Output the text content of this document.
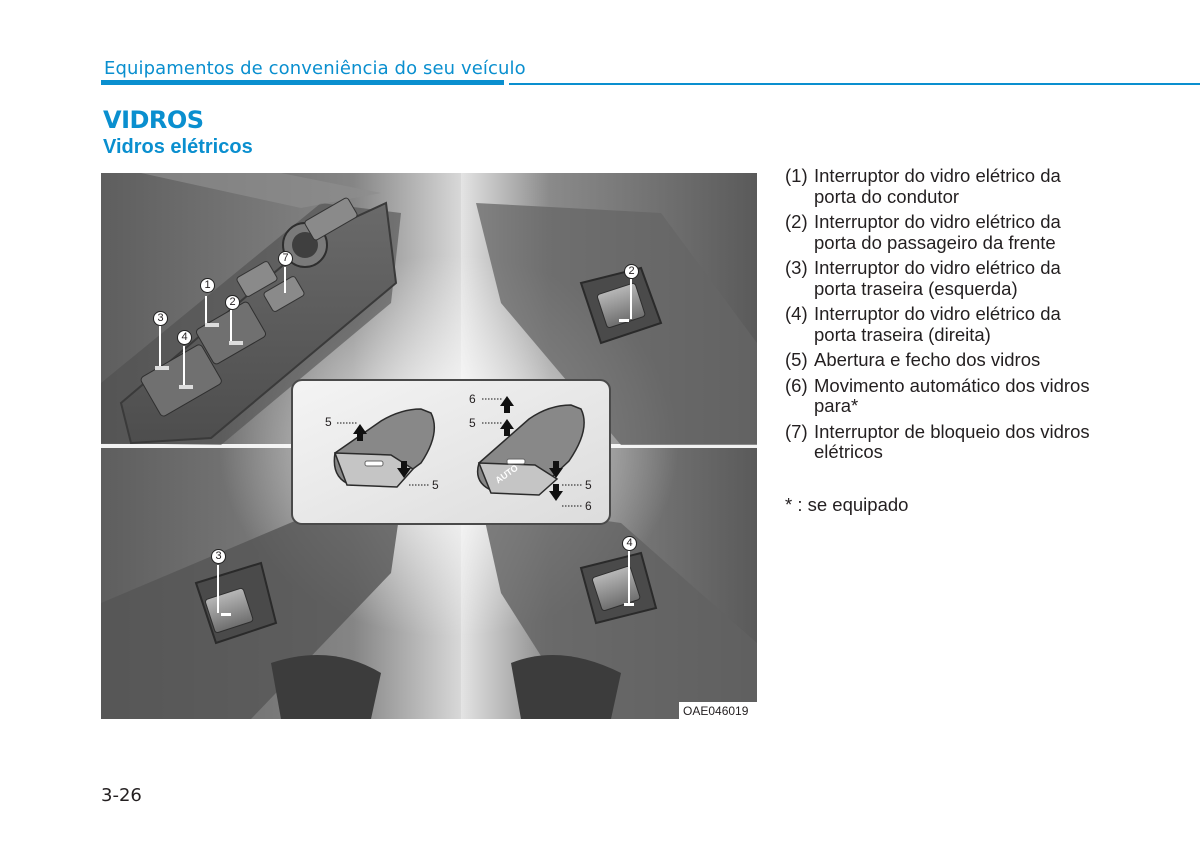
Equipamentos de conveniência do seu veículo
VIDROS
Vidros elétricos
1
2
3
4
7
2
3
4
5
5
6
5
5
6
AUTO
OAE046019
(1) Interruptor do vidro elétrico da porta do condutor
(2) Interruptor do vidro elétrico da porta do passageiro da frente
(3) Interruptor do vidro elétrico da porta traseira (esquerda)
(4) Interruptor do vidro elétrico da porta traseira (direita)
(5) Abertura e fecho dos vidros
(6) Movimento automático dos vidros para*
(7) Interruptor de bloqueio dos vidros elétricos
* : se equipado
3-26
